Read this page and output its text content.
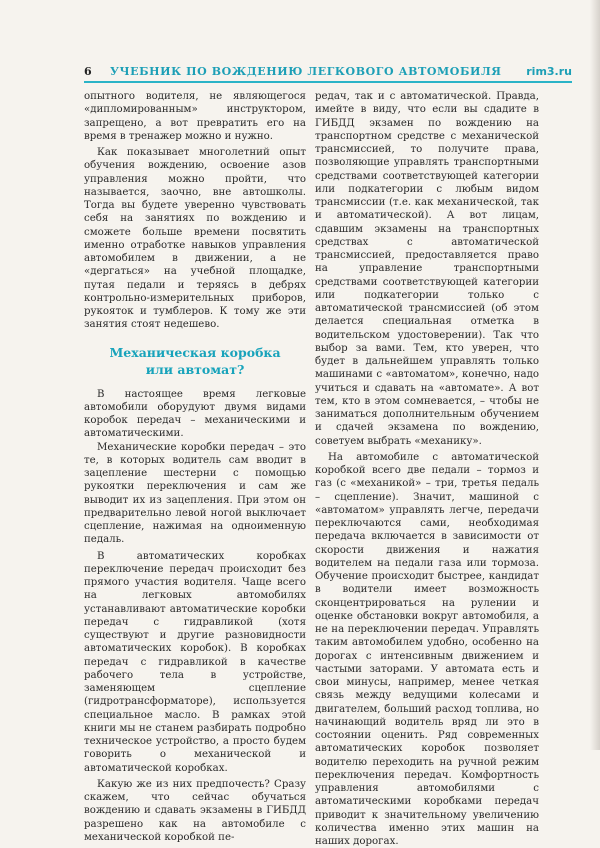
6	УЧЕБНИК ПО ВОЖДЕНИЮ ЛЕГКОВОГО АВТОМОБИЛЯ	rim3.ru

опытного водителя, не являющегося «дипломированным» инструктором, запрещено, а вот превратить его на время в тренажер можно и нужно.

Как показывает многолетний опыт обучения вождению, освоение азов управления можно пройти, что называется, заочно, вне автошколы. Тогда вы будете уверенно чувствовать себя на занятиях по вождению и сможете больше времени посвятить именно отработке навыков управления автомобилем в движении, а не «дергаться» на учебной площадке, путая педали и теряясь в дебрях контрольно-измерительных приборов, рукояток и тумблеров. К тому же эти занятия стоят недешево.

Механическая коробка
или автомат?

В настоящее время легковые автомобили оборудуют двумя видами коробок передач – механическими и автоматическими.

Механические коробки передач – это те, в которых водитель сам вводит в зацепление шестерни с помощью рукоятки переключения и сам же выводит их из зацепления. При этом он предварительно левой ногой выключает сцепление, нажимая на одноименную педаль.

В автоматических коробках переключение передач происходит без прямого участия водителя. Чаще всего на легковых автомобилях устанавливают автоматические коробки передач с гидравликой (хотя существуют и другие разновидности автоматических коробок). В коробках передач с гидравликой в качестве рабочего тела в устройстве, заменяющем сцепление (гидротрансформаторе), используется специальное масло. В рамках этой книги мы не станем разбирать подробно техническое устройство, а просто будем говорить о механической и автоматической коробках.

Какую же из них предпочесть? Сразу скажем, что сейчас обучаться вождению и сдавать экзамены в ГИБДД разрешено как на автомобиле с механической коробкой пе-

редач, так и с автоматической. Правда, имейте в виду, что если вы сдадите в ГИБДД экзамен по вождению на транспортном средстве с механической трансмиссией, то получите права, позволяющие управлять транспортными средствами соответствующей категории или подкатегории с любым видом трансмиссии (т.е. как механической, так и автоматической). А вот лицам, сдавшим экзамены на транспортных средствах с автоматической трансмиссией, предоставляется право на управление транспортными средствами соответствующей категории или подкатегории только с автоматической трансмиссией (об этом делается специальная отметка в водительском удостоверении). Так что выбор за вами. Тем, кто уверен, что будет в дальнейшем управлять только машинами с «автоматом», конечно, надо учиться и сдавать на «автомате». А вот тем, кто в этом сомневается, – чтобы не заниматься дополнительным обучением и сдачей экзамена по вождению, советуем выбрать «механику».

На автомобиле с автоматической коробкой всего две педали – тормоз и газ (с «механикой» – три, третья педаль – сцепление). Значит, машиной с «автоматом» управлять легче, передачи переключаются сами, необходимая передача включается в зависимости от скорости движения и нажатия водителем на педали газа или тормоза. Обучение происходит быстрее, кандидат в водители имеет возможность сконцентрироваться на рулении и оценке обстановки вокруг автомобиля, а не на переключении передач. Управлять таким автомобилем удобно, особенно на дорогах с интенсивным движением и частыми заторами. У автомата есть и свои минусы, например, менее четкая связь между ведущими колесами и двигателем, больший расход топлива, но начинающий водитель вряд ли это в состоянии оценить. Ряд современных автоматических коробок позволяет водителю переходить на ручной режим переключения передач. Комфортность управления автомобилями с автоматическими коробками передач приводит к значительному увеличению количества именно этих машин на наших дорогах.
